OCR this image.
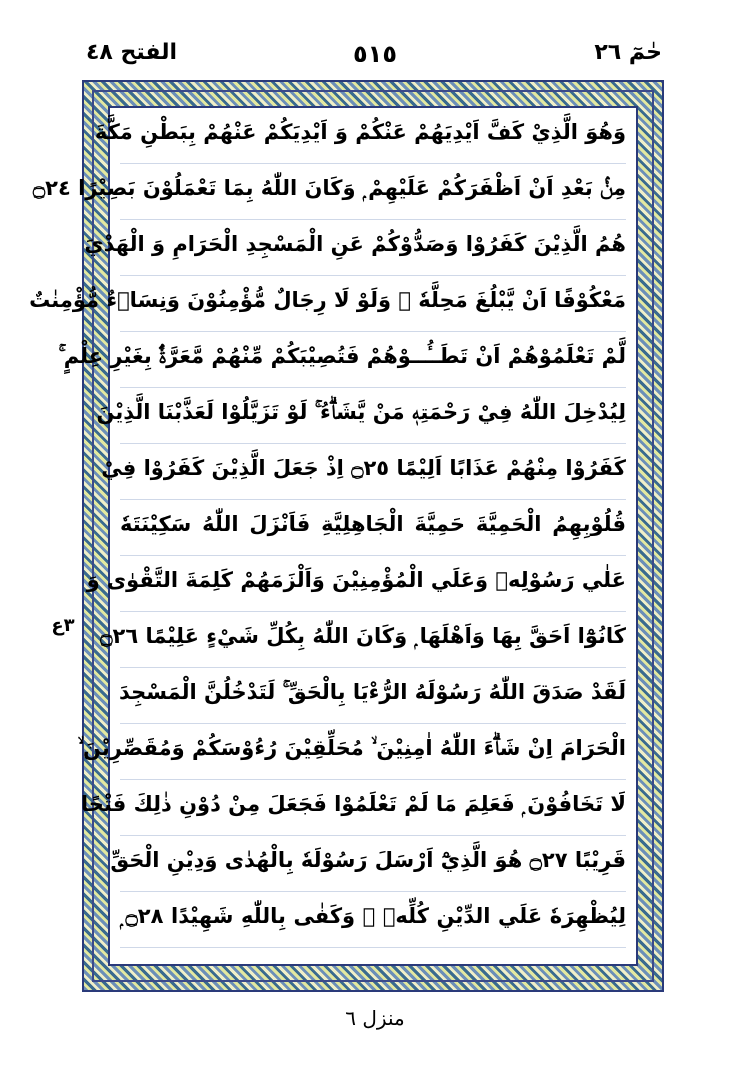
الفتح ٤٨	٥١٥	حٰمٓ ٢٦
٣ع
وَهُوَ الَّذِيْ كَفَّ اَيْدِيَهُمْ عَنْكُمْ وَ اَيْدِيَكُمْ عَنْهُمْ بِبَطْنِ مَكَّةَ
مِنْۢ بَعْدِ اَنْ اَظْفَرَكُمْ عَلَيْهِمْ ۭ وَكَانَ اللّٰهُ بِمَا تَعْمَلُوْنَ بَصِيْرًا ۝٢٤
هُمُ الَّذِيْنَ كَفَرُوْا وَصَدُّوْكُمْ عَنِ الْمَسْجِدِ الْحَرَامِ وَ الْهَدْيَ
مَعْكُوْفًا اَنْ يَّبْلُغَ مَحِلَّهٗ ۭ وَلَوْ لَا رِجَالٌ مُّؤْمِنُوْنَ وَنِسَاۗءٌ مُّؤْمِنٰتٌ
لَّمْ تَعْلَمُوْهُمْ اَنْ تَطَــُٔــوْهُمْ فَتُصِيْبَكُمْ مِّنْهُمْ مَّعَرَّةٌۢ بِغَيْرِ عِلْمٍ ۚ
لِيُدْخِلَ اللّٰهُ فِيْ رَحْمَتِهٖ مَنْ يَّشَاۗءُ ۚ لَوْ تَزَيَّلُوْا لَعَذَّبْنَا الَّذِيْنَ
كَفَرُوْا مِنْهُمْ عَذَابًا اَلِيْمًا ۝٢٥ اِذْ جَعَلَ الَّذِيْنَ كَفَرُوْا فِيْ
قُلُوْبِهِمُ الْحَمِيَّةَ حَمِيَّةَ الْجَاهِلِيَّةِ فَاَنْزَلَ اللّٰهُ سَكِيْنَتَهٗ
عَلٰي رَسُوْلِهٖ وَعَلَي الْمُؤْمِنِيْنَ وَاَلْزَمَهُمْ كَلِمَةَ التَّقْوٰى وَ
كَانُوْٓا اَحَقَّ بِهَا وَاَهْلَهَا ۭ وَكَانَ اللّٰهُ بِكُلِّ شَيْءٍ عَلِيْمًا ۝٢٦
لَقَدْ صَدَقَ اللّٰهُ رَسُوْلَهُ الرُّءْيَا بِالْحَقِّ ۚ لَتَدْخُلُنَّ الْمَسْجِدَ
الْحَرَامَ اِنْ شَاۗءَ اللّٰهُ اٰمِنِيْنَ ۙ مُحَلِّقِيْنَ رُءُوْسَكُمْ وَمُقَصِّرِيْنَ ۙ
لَا تَخَافُوْنَ ۭ فَعَلِمَ مَا لَمْ تَعْلَمُوْا فَجَعَلَ مِنْ دُوْنِ ذٰلِكَ فَتْحًا
قَرِيْبًا ۝٢٧ هُوَ الَّذِيْٓ اَرْسَلَ رَسُوْلَهٗ بِالْهُدٰى وَدِيْنِ الْحَقِّ
لِيُظْهِرَهٗ عَلَي الدِّيْنِ كُلِّهٖ ۭ وَكَفٰى بِاللّٰهِ شَهِيْدًا ۝٢٨ ۭ
منزل ٦
